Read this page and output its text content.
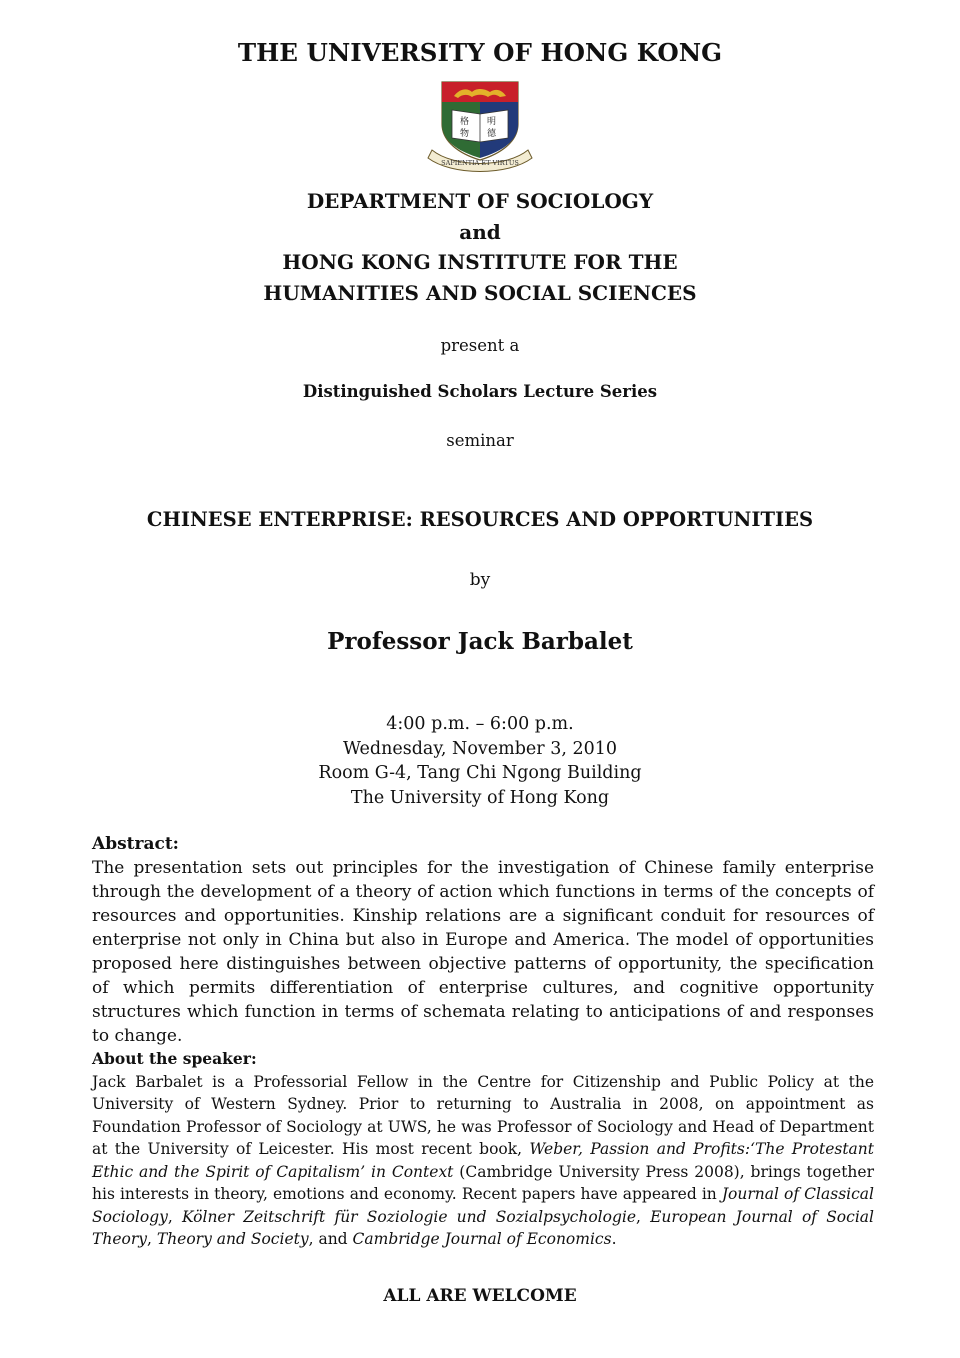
THE UNIVERSITY OF HONG KONG
格
物
明
德
SAPIENTIA ET VIRTUS
DEPARTMENT OF SOCIOLOGY
and
HONG KONG INSTITUTE FOR THE
HUMANITIES AND SOCIAL SCIENCES
present a
Distinguished Scholars Lecture Series
seminar
CHINESE ENTERPRISE: RESOURCES AND OPPORTUNITIES
by
Professor Jack Barbalet
4:00 p.m. – 6:00 p.m.
Wednesday, November 3, 2010
Room G-4, Tang Chi Ngong Building
The University of Hong Kong
Abstract:
The presentation sets out principles for the investigation of Chinese family enterprise through the development of a theory of action which functions in terms of the concepts of resources and opportunities. Kinship relations are a significant conduit for resources of enterprise not only in China but also in Europe and America. The model of opportunities proposed here distinguishes between objective patterns of opportunity, the specification of which permits differentiation of enterprise cultures, and cognitive opportunity structures which function in terms of schemata relating to anticipations of and responses to change.
About the speaker:
Jack Barbalet is a Professorial Fellow in the Centre for Citizenship and Public Policy at the University of Western Sydney. Prior to returning to Australia in 2008, on appointment as Foundation Professor of Sociology at UWS, he was Professor of Sociology and Head of Department at the University of Leicester. His most recent book, Weber, Passion and Profits:‘The Protestant Ethic and the Spirit of Capitalism’ in Context (Cambridge University Press 2008), brings together his interests in theory, emotions and economy. Recent papers have appeared in Journal of Classical Sociology, Kölner Zeitschrift für Soziologie und Sozialpsychologie, European Journal of Social Theory, Theory and Society, and Cambridge Journal of Economics.
ALL ARE WELCOME
